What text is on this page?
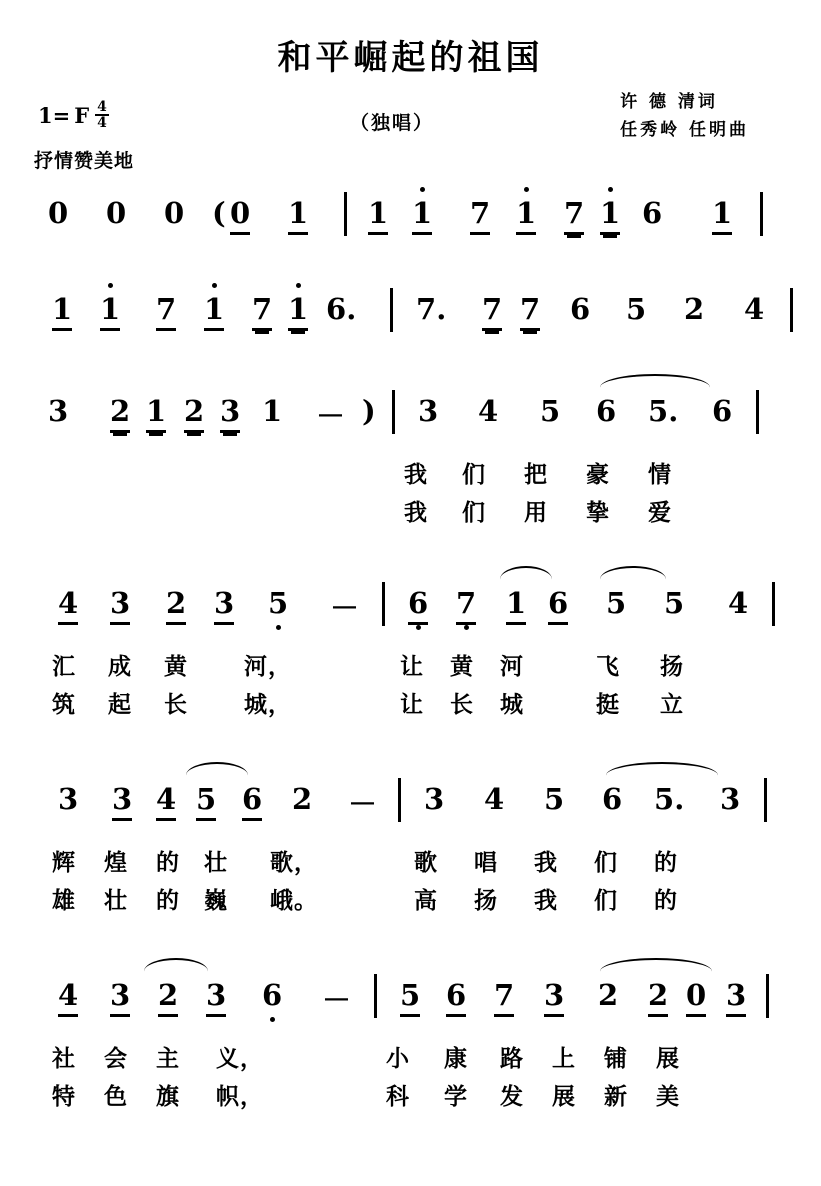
和平崛起的祖国
1= F $\frac{4}{4}$
抒情赞美地
（独唱）
许 德 清词
任秀岭 任明曲
0 0 0 ( 0 1 1 1 7 1 7 1 6 1
1 1 7 1 7 1 6. 7. 7 7 6 5 2 4
3 2 1 2 3 1 － ) 3 4 5 6 5. 6
我 们 把 豪 情
我 们 用 挚 爱
4 3 2 3 5 － 6 7 1 6 5 5 4
汇 成 黄 河，	让 黄 河	飞 扬
筑 起 长 城，	让 长 城	挺 立
3 3 4 5 6 2 － 3 4 5 6 5. 3
辉 煌 的 壮 歌，	歌 唱 我 们 的
雄 壮 的 巍 峨。	高 扬 我 们 的
4 3 2 3 6 － 5 6 7 3 2 2 0 3
社 会 主 义，	小 康 路 上 铺 展
特 色 旗 帜，	科 学 发 展 新 美
